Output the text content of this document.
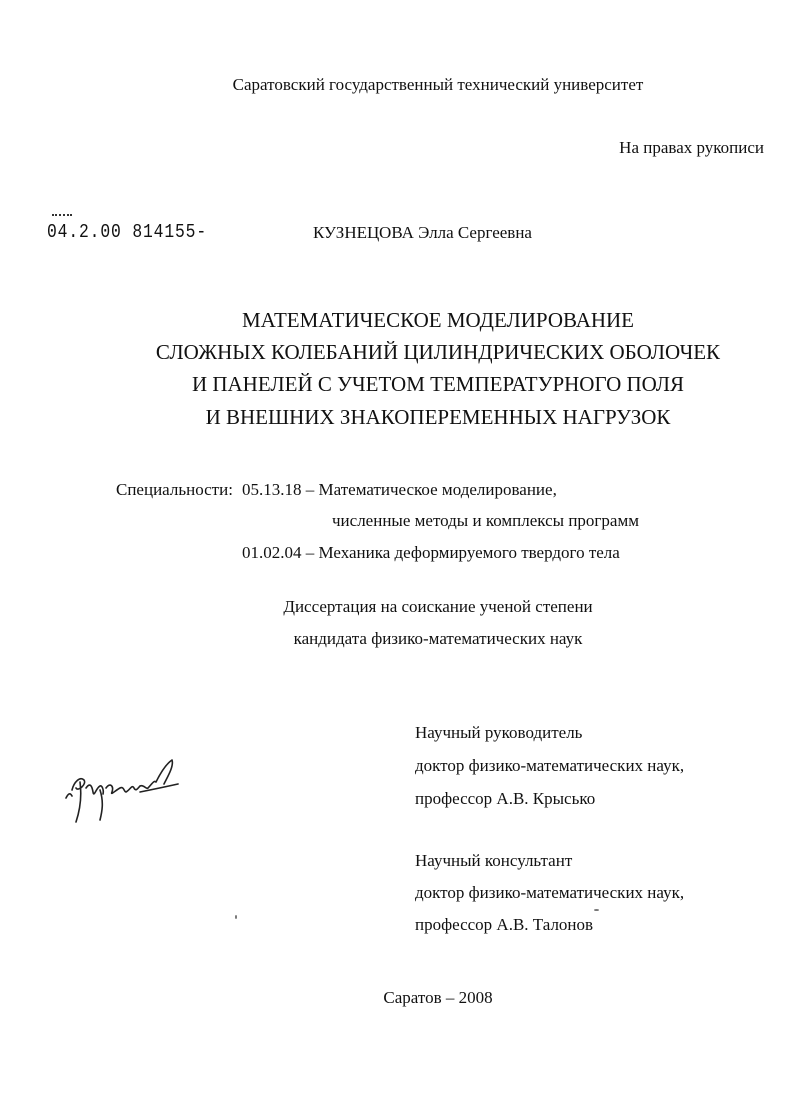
Саратовский государственный технический университет
На правах рукописи
04.2.00 814155-	КУЗНЕЦОВА Элла Сергеевна
МАТЕМАТИЧЕСКОЕ МОДЕЛИРОВАНИЕ
СЛОЖНЫХ КОЛЕБАНИЙ ЦИЛИНДРИЧЕСКИХ ОБОЛОЧЕК
И ПАНЕЛЕЙ С УЧЕТОМ ТЕМПЕРАТУРНОГО ПОЛЯ
И ВНЕШНИХ ЗНАКОПЕРЕМЕННЫХ НАГРУЗОК
Специальности: 05.13.18 – Математическое моделирование,
численные методы и комплексы программ
01.02.04 – Механика деформируемого твердого тела
Диссертация на соискание ученой степени
кандидата физико-математических наук
Научный руководитель
доктор физико-математических наук,
профессор А.В. Крысько
Научный консультант
доктор физико-математических наук,
профессор А.В. Талонов
Саратов – 2008
